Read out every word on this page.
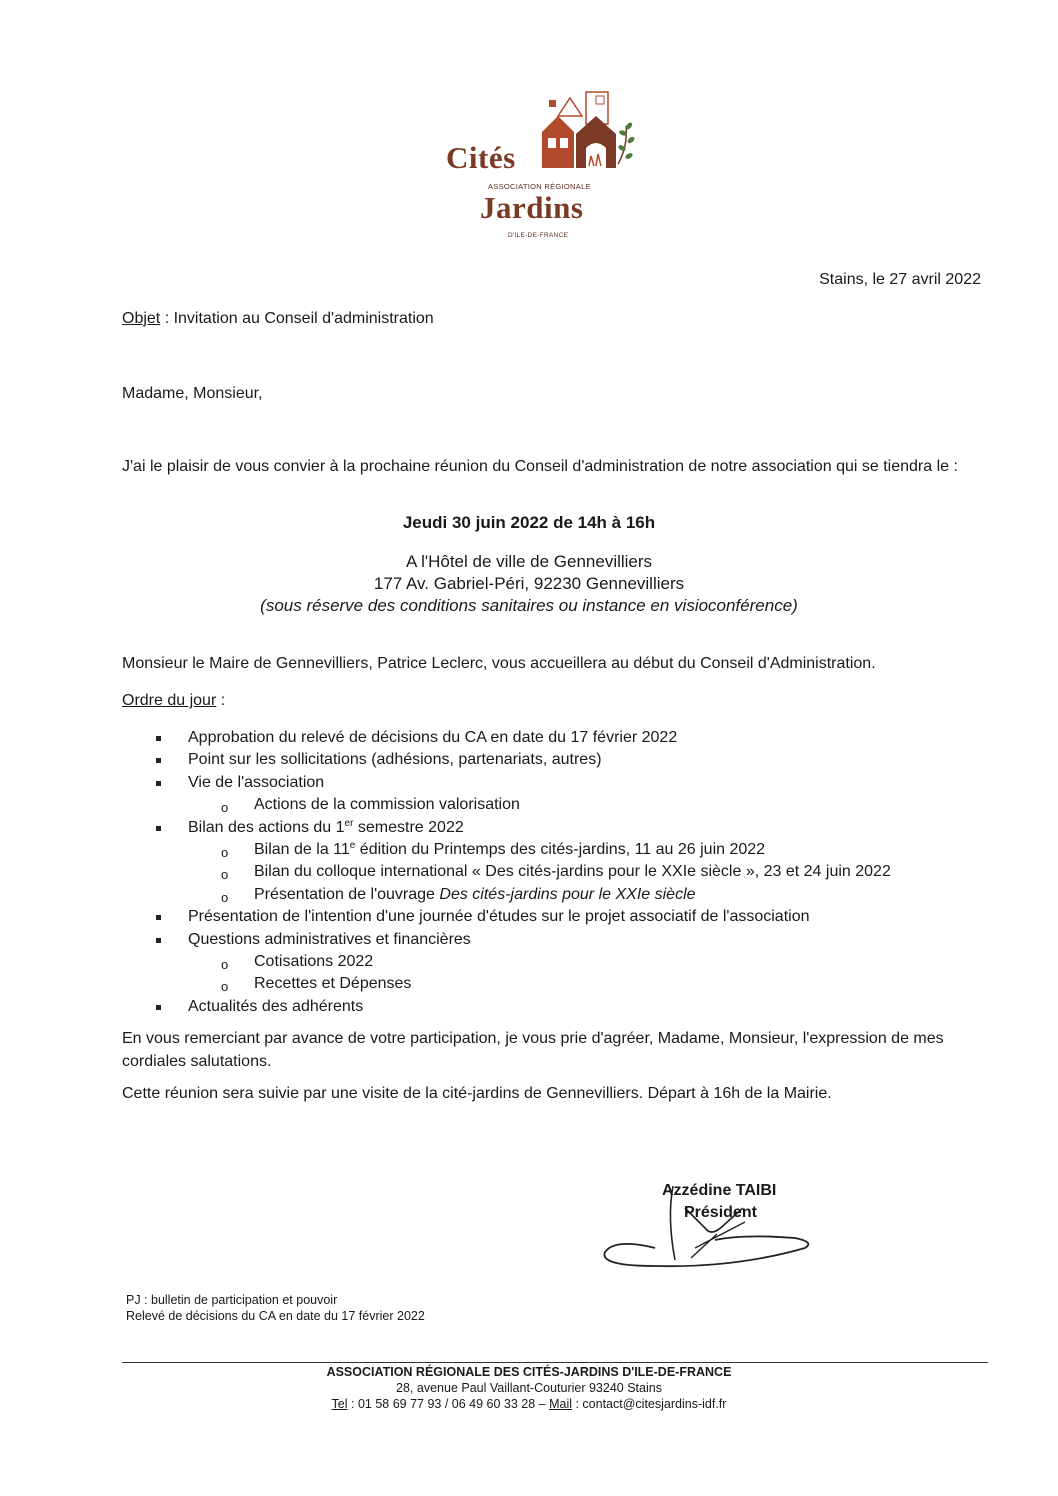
Cités
ASSOCIATION RÉGIONALE
Jardins
D'ILE-DE-FRANCE
Stains, le 27 avril 2022
Objet : Invitation au Conseil d'administration
Madame, Monsieur,
J'ai le plaisir de vous convier à la prochaine réunion du Conseil d'administration de notre association qui se tiendra le :
Jeudi 30 juin 2022 de 14h à 16h
A l'Hôtel de ville de Gennevilliers
177 Av. Gabriel-Péri, 92230 Gennevilliers
(sous réserve des conditions sanitaires ou instance en visioconférence)
Monsieur le Maire de Gennevilliers, Patrice Leclerc, vous accueillera au début du Conseil d'Administration.
Ordre du jour :
Approbation du relevé de décisions du CA en date du 17 février 2022
Point sur les sollicitations (adhésions, partenariats, autres)
Vie de l'association
o Actions de la commission valorisation
Bilan des actions du 1er semestre 2022
o Bilan de la 11e édition du Printemps des cités-jardins, 11 au 26 juin 2022
o Bilan du colloque international « Des cités-jardins pour le XXIe siècle », 23 et 24 juin 2022
o Présentation de l'ouvrage Des cités-jardins pour le XXIe siècle
Présentation de l'intention d'une journée d'études sur le projet associatif de l'association
Questions administratives et financières
o Cotisations 2022
o Recettes et Dépenses
Actualités des adhérents
En vous remerciant par avance de votre participation, je vous prie d'agréer, Madame, Monsieur, l'expression de mes cordiales salutations.
Cette réunion sera suivie par une visite de la cité-jardins de Gennevilliers. Départ à 16h de la Mairie.
Azzédine TAIBI
Président
PJ : bulletin de participation et pouvoir
Relevé de décisions du CA en date du 17 février 2022
ASSOCIATION RÉGIONALE DES CITÉS-JARDINS D'ILE-DE-FRANCE
28, avenue Paul Vaillant-Couturier 93240 Stains
Tel : 01 58 69 77 93 / 06 49 60 33 28 – Mail : contact@citesjardins-idf.fr
